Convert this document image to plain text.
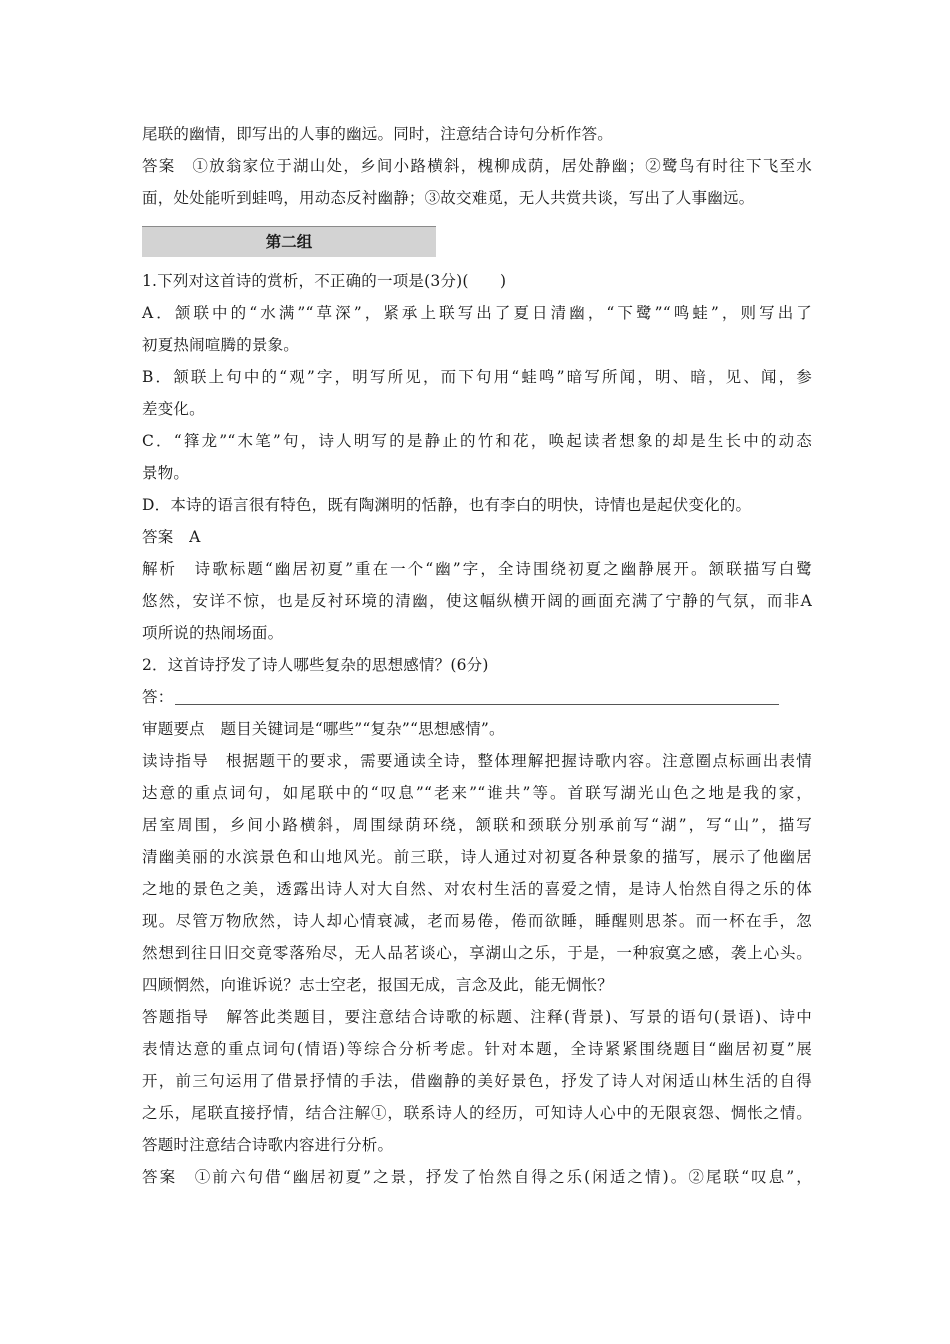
尾联的幽情，即写出的人事的幽远。同时，注意结合诗句分析作答。
答案　①放翁家位于湖山处，乡间小路横斜，槐柳成荫，居处静幽；②鹭鸟有时往下飞至水
面，处处能听到蛙鸣，用动态反衬幽静；③故交难觅，无人共赏共谈，写出了人事幽远。
第二组
1.下列对这首诗的赏析，不正确的一项是(3分)(　　)
A．颔联中的“水满”“草深”，紧承上联写出了夏日清幽，“下鹭”“鸣蛙”，则写出了
初夏热闹喧腾的景象。
B．颔联上句中的“观”字，明写所见，而下句用“蛙鸣”暗写所闻，明、暗，见、闻，参
差变化。
C．“箨龙”“木笔”句，诗人明写的是静止的竹和花，唤起读者想象的却是生长中的动态
景物。
D．本诗的语言很有特色，既有陶渊明的恬静，也有李白的明快，诗情也是起伏变化的。
答案　A
解析　诗歌标题“幽居初夏”重在一个“幽”字，全诗围绕初夏之幽静展开。颔联描写白鹭
悠然，安详不惊，也是反衬环境的清幽，使这幅纵横开阔的画面充满了宁静的气氛，而非A
项所说的热闹场面。
2．这首诗抒发了诗人哪些复杂的思想感情？(6分)
答：
审题要点　题目关键词是“哪些”“复杂”“思想感情”。
读诗指导　根据题干的要求，需要通读全诗，整体理解把握诗歌内容。注意圈点标画出表情
达意的重点词句，如尾联中的“叹息”“老来”“谁共”等。首联写湖光山色之地是我的家，
居室周围，乡间小路横斜，周围绿荫环绕，颔联和颈联分别承前写“湖”，写“山”，描写
清幽美丽的水滨景色和山地风光。前三联，诗人通过对初夏各种景象的描写，展示了他幽居
之地的景色之美，透露出诗人对大自然、对农村生活的喜爱之情，是诗人怡然自得之乐的体
现。尽管万物欣然，诗人却心情衰减，老而易倦，倦而欲睡，睡醒则思茶。而一杯在手，忽
然想到往日旧交竟零落殆尽，无人品茗谈心，享湖山之乐，于是，一种寂寞之感，袭上心头。
四顾惘然，向谁诉说？志士空老，报国无成，言念及此，能无惆怅？
答题指导　解答此类题目，要注意结合诗歌的标题、注释(背景)、写景的语句(景语)、诗中
表情达意的重点词句(情语)等综合分析考虑。针对本题，全诗紧紧围绕题目“幽居初夏”展
开，前三句运用了借景抒情的手法，借幽静的美好景色，抒发了诗人对闲适山林生活的自得
之乐，尾联直接抒情，结合注解①，联系诗人的经历，可知诗人心中的无限哀怨、惆怅之情。
答题时注意结合诗歌内容进行分析。
答案　①前六句借“幽居初夏”之景，抒发了怡然自得之乐(闲适之情)。②尾联“叹息”，
